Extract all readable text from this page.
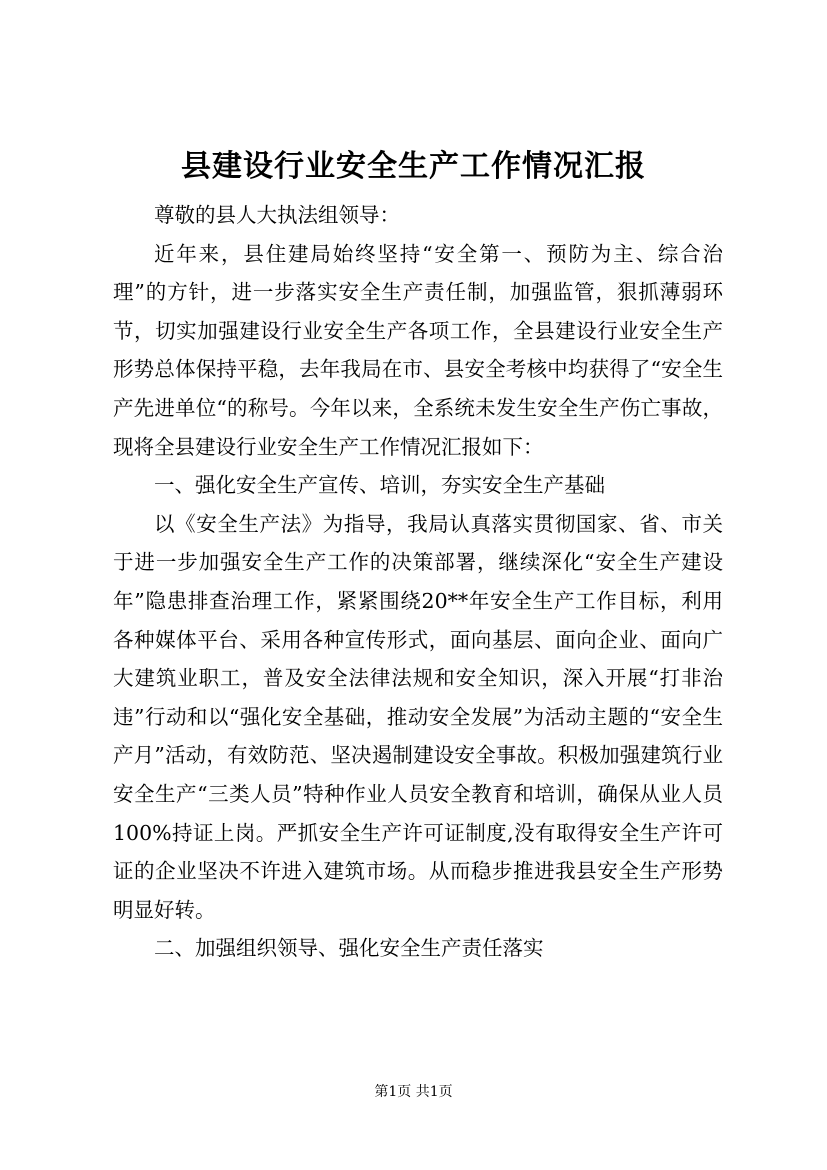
县建设行业安全生产工作情况汇报

尊敬的县人大执法组领导：

近年来，县住建局始终坚持“安全第一、预防为主、综合治理”的方针，进一步落实安全生产责任制，加强监管，狠抓薄弱环节，切实加强建设行业安全生产各项工作，全县建设行业安全生产形势总体保持平稳，去年我局在市、县安全考核中均获得了“安全生产先进单位“的称号。今年以来，全系统未发生安全生产伤亡事故，现将全县建设行业安全生产工作情况汇报如下：

一、强化安全生产宣传、培训，夯实安全生产基础

以《安全生产法》为指导，我局认真落实贯彻国家、省、市关于进一步加强安全生产工作的决策部署，继续深化“安全生产建设年”隐患排查治理工作，紧紧围绕20**年安全生产工作目标，利用各种媒体平台、采用各种宣传形式，面向基层、面向企业、面向广大建筑业职工，普及安全法律法规和安全知识，深入开展“打非治违”行动和以“强化安全基础，推动安全发展”为活动主题的“安全生产月”活动，有效防范、坚决遏制建设安全事故。积极加强建筑行业安全生产“三类人员”特种作业人员安全教育和培训，确保从业人员100%持证上岗。严抓安全生产许可证制度,没有取得安全生产许可证的企业坚决不许进入建筑市场。从而稳步推进我县安全生产形势明显好转。

二、加强组织领导、强化安全生产责任落实

第1页 共1页
